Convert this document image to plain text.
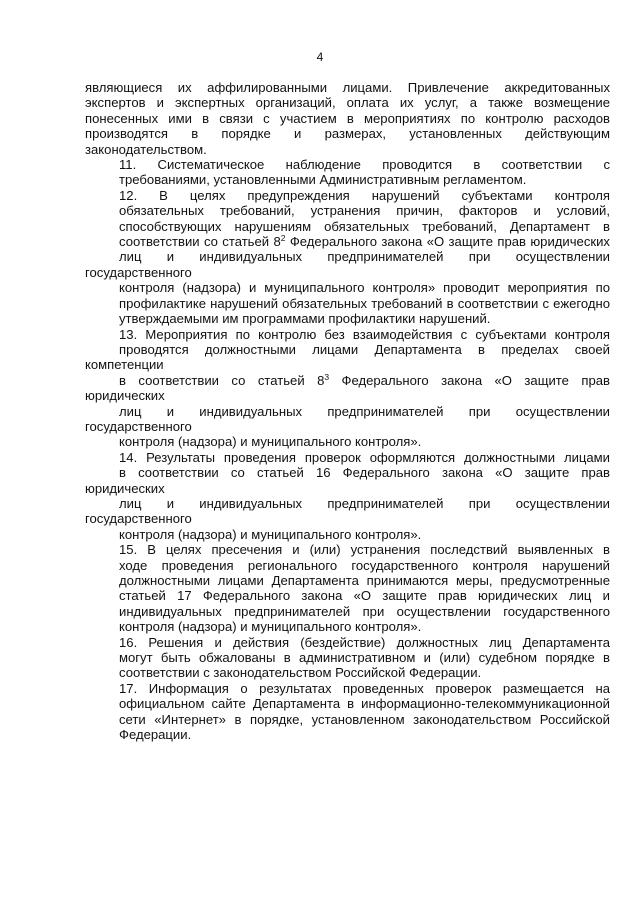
4

являющиеся их аффилированными лицами. Привлечение аккредитованных
экспертов и экспертных организаций, оплата их услуг, а также возмещение
понесенных ими в связи с участием в мероприятиях по контролю расходов
производятся в порядке и размерах, установленных действующим
законодательством.

11. Систематическое наблюдение проводится в соответствии с
требованиями, установленными Административным регламентом.

12. В целях предупреждения нарушений субъектами контроля
обязательных требований, устранения причин, факторов и условий,
способствующих нарушениям обязательных требований, Департамент в
соответствии со статьей $8^2$ Федерального закона «О защите прав юридических
лиц и индивидуальных предпринимателей при осуществлении государственного
контроля (надзора) и муниципального контроля» проводит мероприятия по
профилактике нарушений обязательных требований в соответствии с ежегодно
утверждаемыми им программами профилактики нарушений.

13. Мероприятия по контролю без взаимодействия с субъектами контроля
проводятся должностными лицами Департамента в пределах своей компетенции
в соответствии со статьей $8^3$ Федерального закона «О защите прав юридических
лиц и индивидуальных предпринимателей при осуществлении государственного
контроля (надзора) и муниципального контроля».

14. Результаты проведения проверок оформляются должностными лицами
в соответствии со статьей 16 Федерального закона «О защите прав юридических
лиц и индивидуальных предпринимателей при осуществлении государственного
контроля (надзора) и муниципального контроля».

15. В целях пресечения и (или) устранения последствий выявленных в
ходе проведения регионального государственного контроля нарушений
должностными лицами Департамента принимаются меры, предусмотренные
статьей 17 Федерального закона «О защите прав юридических лиц и
индивидуальных предпринимателей при осуществлении государственного
контроля (надзора) и муниципального контроля».

16. Решения и действия (бездействие) должностных лиц Департамента
могут быть обжалованы в административном и (или) судебном порядке в
соответствии с законодательством Российской Федерации.

17. Информация о результатах проведенных проверок размещается на
официальном сайте Департамента в информационно-телекоммуникационной
сети «Интернет» в порядке, установленном законодательством Российской
Федерации.
